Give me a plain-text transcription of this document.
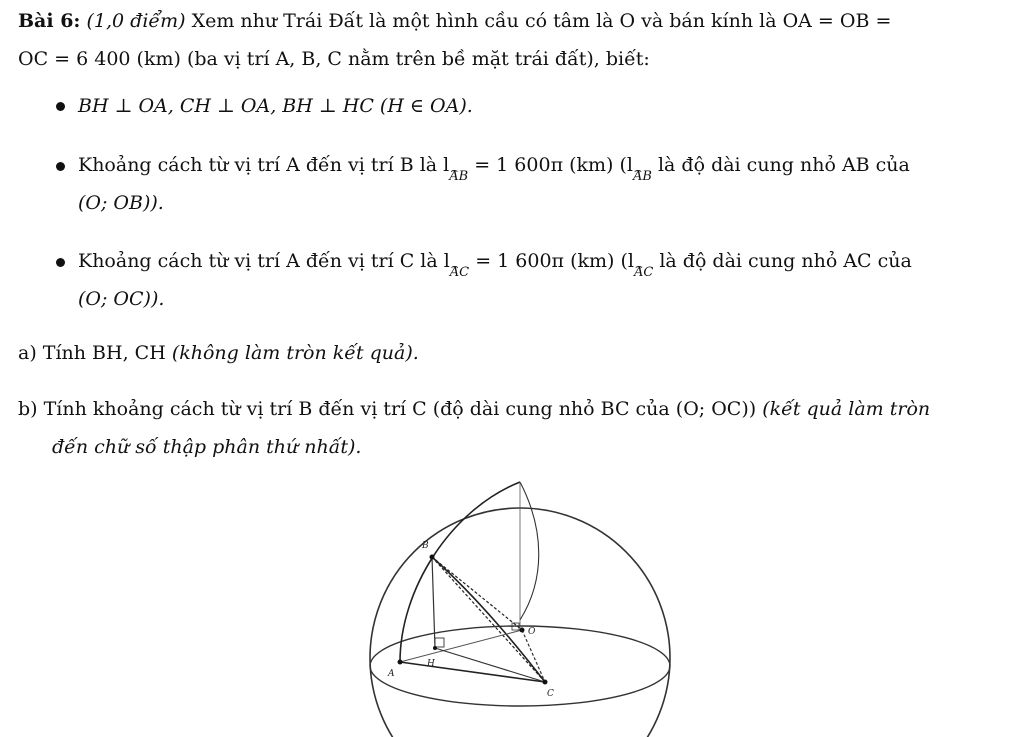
Bài 6: (1,0 điểm) Xem như Trái Đất là một hình cầu có tâm là O và bán kính là OA = OB =
OC = 6 400 (km) (ba vị trí A, B, C nằm trên bề mặt trái đất), biết:
BH ⊥ OA, CH ⊥ OA, BH ⊥ HC (H ∈ OA).
Khoảng cách từ vị trí A đến vị trí B là l⌢ $_{AB}$ = 1 600π (km) (l⌢ $_{AB}$ là độ dài cung nhỏ AB của
(O; OB)).
Khoảng cách từ vị trí A đến vị trí C là l⌢ $_{AC}$ = 1 600π (km) (l⌢ $_{AC}$ là độ dài cung nhỏ AC của
(O; OC)).
a) Tính BH, CH (không làm tròn kết quả).
b) Tính khoảng cách từ vị trí B đến vị trí C (độ dài cung nhỏ BC của (O; OC)) (kết quả làm tròn
đến chữ số thập phân thứ nhất).
B
O
H
A
C
